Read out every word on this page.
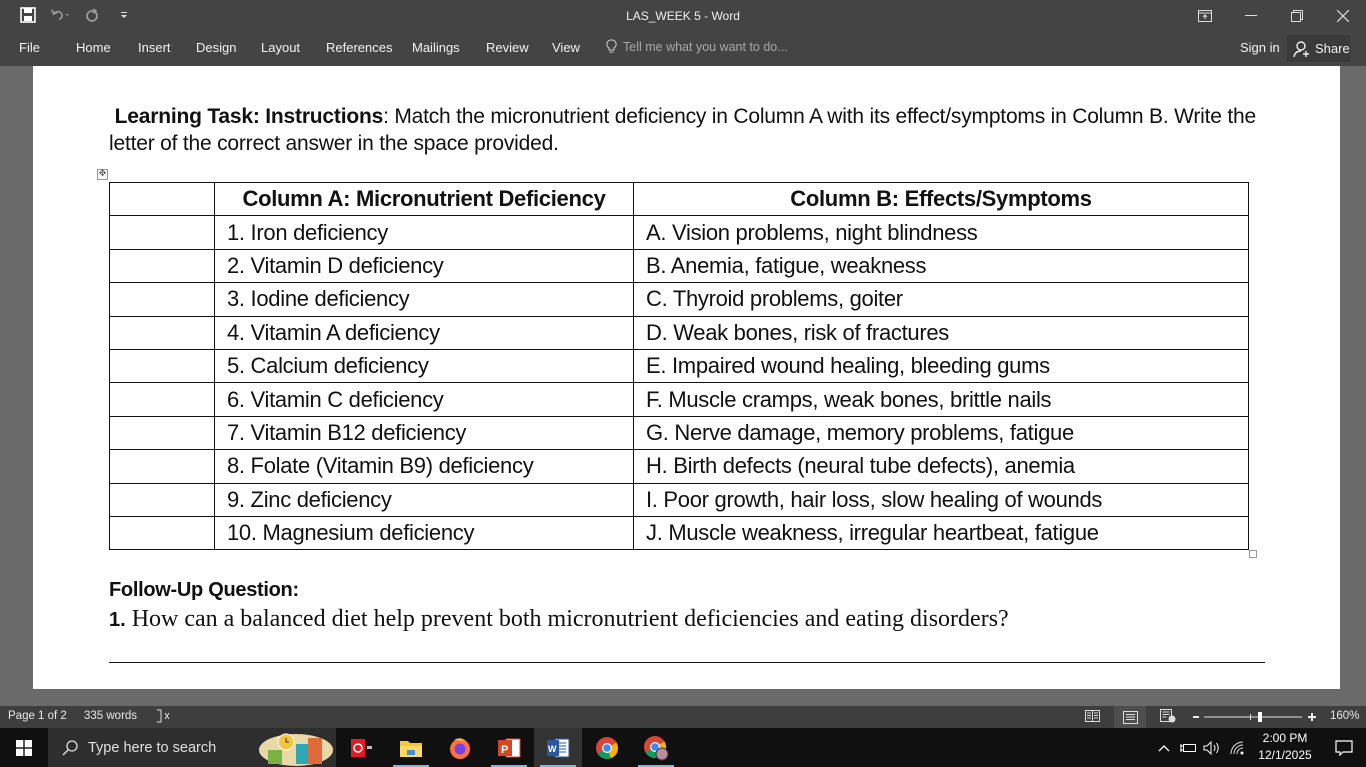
LAS_WEEK 5 - Word
File	Home Insert Design Layout References Mailings Review View	Tell me what you want to do...	Sign in	Share
Learning Task: Instructions: Match the micronutrient deficiency in Column A with its effect/symptoms in Column B. Write the letter of the correct answer in the space provided.
✥
	Column A: Micronutrient Deficiency	Column B: Effects/Symptoms
	1. Iron deficiency	A. Vision problems, night blindness
	2. Vitamin D deficiency	B. Anemia, fatigue, weakness
	3. Iodine deficiency	C. Thyroid problems, goiter
	4. Vitamin A deficiency	D. Weak bones, risk of fractures
	5. Calcium deficiency	E. Impaired wound healing, bleeding gums
	6. Vitamin C deficiency	F. Muscle cramps, weak bones, brittle nails
	7. Vitamin B12 deficiency	G. Nerve damage, memory problems, fatigue
	8. Folate (Vitamin B9) deficiency	H. Birth defects (neural tube defects), anemia
	9. Zinc deficiency	I. Poor growth, hair loss, slow healing of wounds
	10. Magnesium deficiency	J. Muscle weakness, irregular heartbeat, fatigue
Follow-Up Question:
1. How can a balanced diet help prevent both micronutrient deficiencies and eating disorders?
Page 1 of 2 335 words	160%
Type here to search	P	W
2:00 PM
12/1/2025
